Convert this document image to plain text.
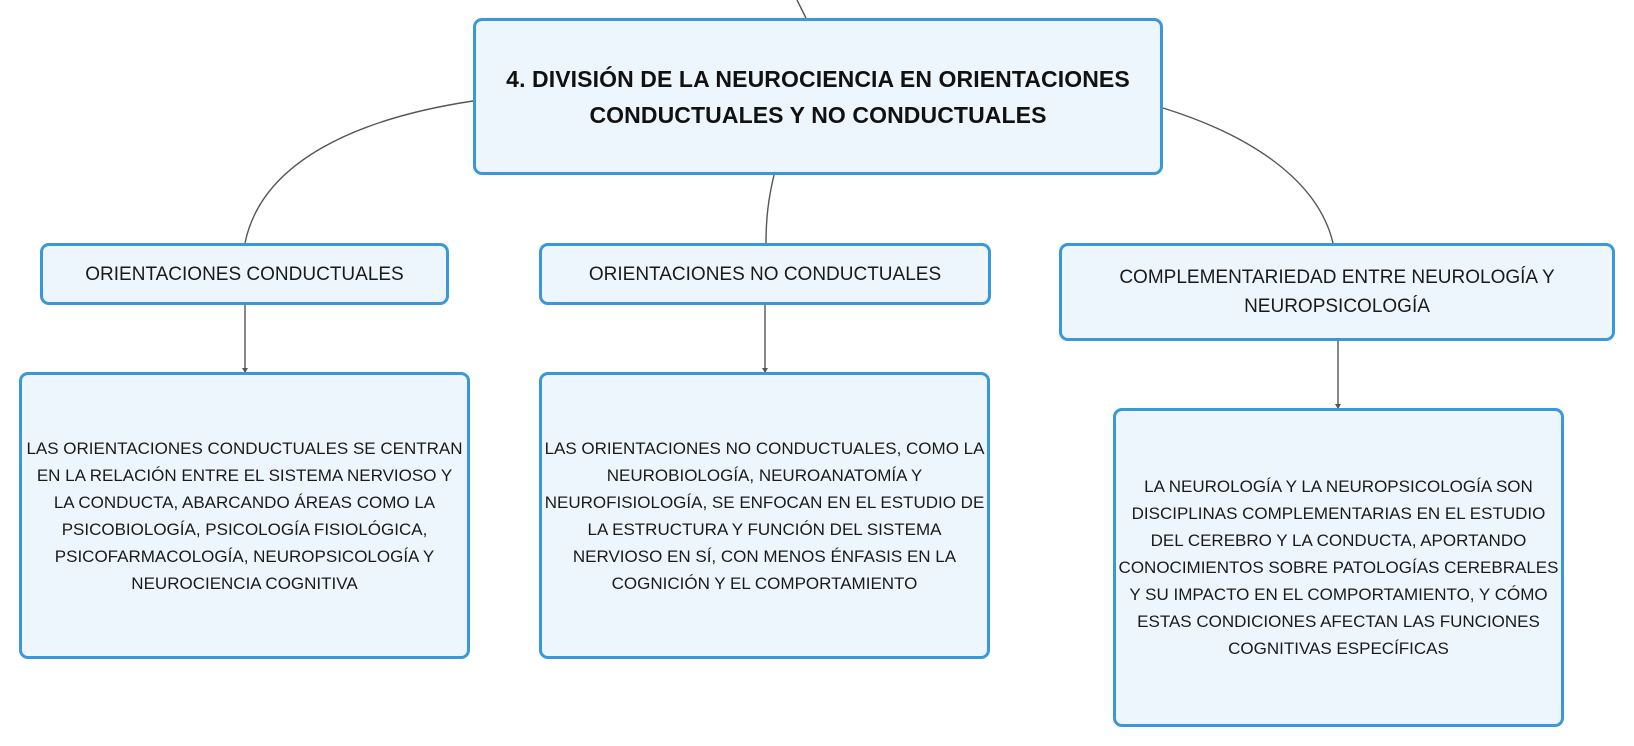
4. DIVISIÓN DE LA NEUROCIENCIA EN ORIENTACIONES CONDUCTUALES Y NO CONDUCTUALES
ORIENTACIONES CONDUCTUALES	ORIENTACIONES NO CONDUCTUALES	COMPLEMENTARIEDAD ENTRE NEUROLOGÍA Y NEUROPSICOLOGÍA
LAS ORIENTACIONES CONDUCTUALES SE CENTRAN EN LA RELACIÓN ENTRE EL SISTEMA NERVIOSO Y LA CONDUCTA, ABARCANDO ÁREAS COMO LA PSICOBIOLOGÍA, PSICOLOGÍA FISIOLÓGICA, PSICOFARMACOLOGÍA, NEUROPSICOLOGÍA Y NEUROCIENCIA COGNITIVA
LAS ORIENTACIONES NO CONDUCTUALES, COMO LA NEUROBIOLOGÍA, NEUROANATOMÍA Y NEUROFISIOLOGÍA, SE ENFOCAN EN EL ESTUDIO DE LA ESTRUCTURA Y FUNCIÓN DEL SISTEMA NERVIOSO EN SÍ, CON MENOS ÉNFASIS EN LA COGNICIÓN Y EL COMPORTAMIENTO
LA NEUROLOGÍA Y LA NEUROPSICOLOGÍA SON DISCIPLINAS COMPLEMENTARIAS EN EL ESTUDIO DEL CEREBRO Y LA CONDUCTA, APORTANDO CONOCIMIENTOS SOBRE PATOLOGÍAS CEREBRALES Y SU IMPACTO EN EL COMPORTAMIENTO, Y CÓMO ESTAS CONDICIONES AFECTAN LAS FUNCIONES COGNITIVAS ESPECÍFICAS
